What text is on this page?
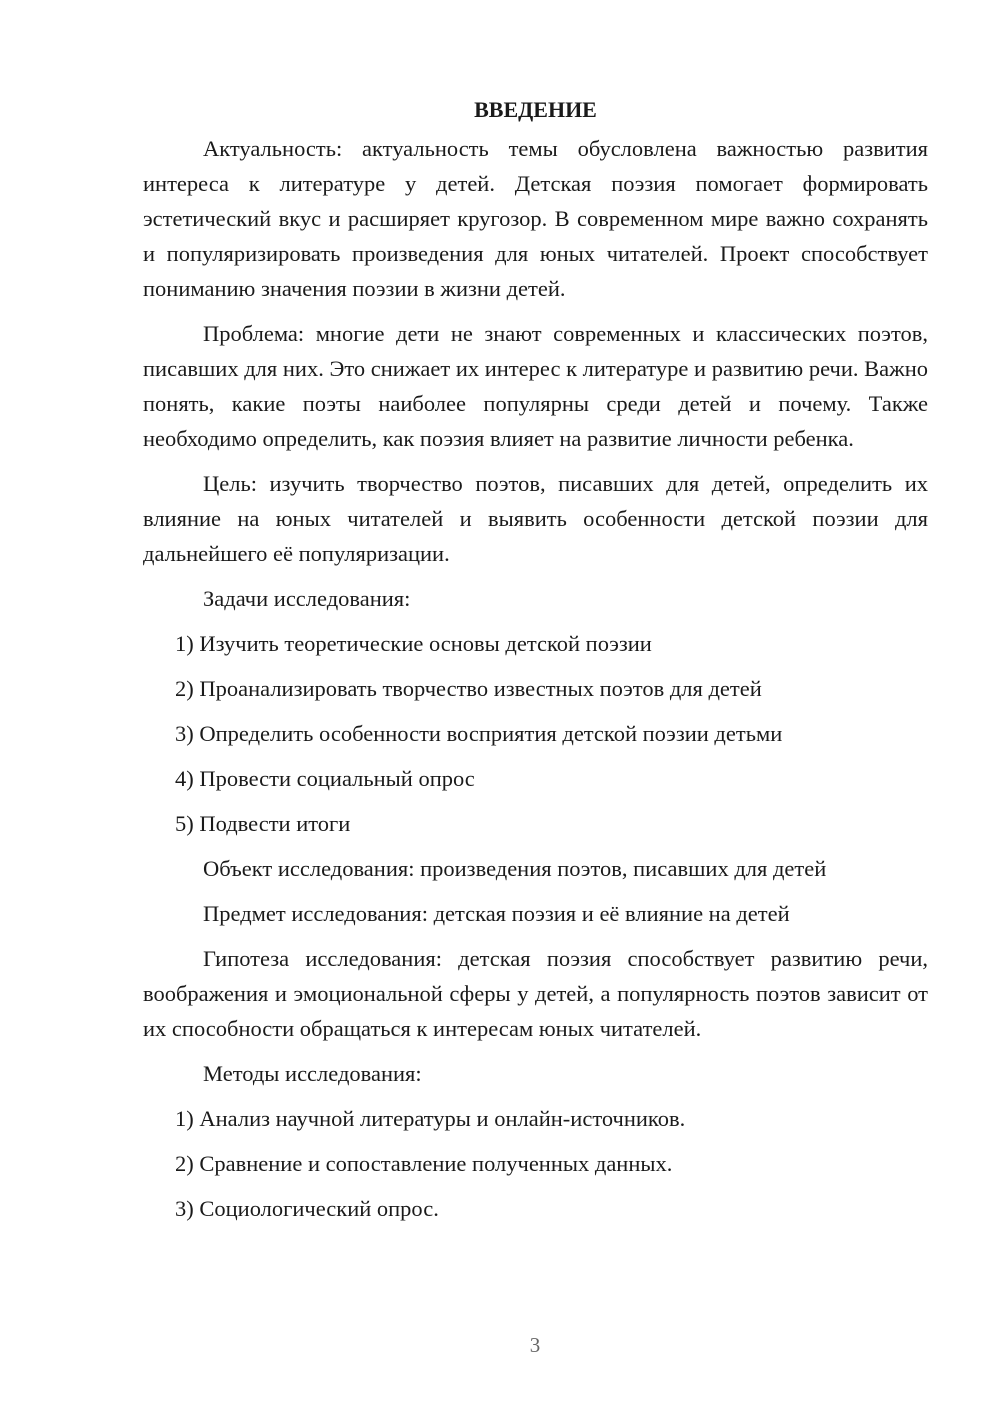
ВВЕДЕНИЕ

Актуальность: актуальность темы обусловлена важностью развития интереса к литературе у детей. Детская поэзия помогает формировать эстетический вкус и расширяет кругозор. В современном мире важно сохранять и популяризировать произведения для юных читателей. Проект способствует пониманию значения поэзии в жизни детей.

Проблема: многие дети не знают современных и классических поэтов, писавших для них. Это снижает их интерес к литературе и развитию речи. Важно понять, какие поэты наиболее популярны среди детей и почему. Также необходимо определить, как поэзия влияет на развитие личности ребенка.

Цель: изучить творчество поэтов, писавших для детей, определить их влияние на юных читателей и выявить особенности детской поэзии для дальнейшего её популяризации.

Задачи исследования:
1) Изучить теоретические основы детской поэзии
2) Проанализировать творчество известных поэтов для детей
3) Определить особенности восприятия детской поэзии детьми
4) Провести социальный опрос
5) Подвести итоги
Объект исследования: произведения поэтов, писавших для детей
Предмет исследования: детская поэзия и её влияние на детей

Гипотеза исследования: детская поэзия способствует развитию речи, воображения и эмоциональной сферы у детей, а популярность поэтов зависит от их способности обращаться к интересам юных читателей.

Методы исследования:
1) Анализ научной литературы и онлайн-источников.
2) Сравнение и сопоставление полученных данных.
3) Социологический опрос.
3
